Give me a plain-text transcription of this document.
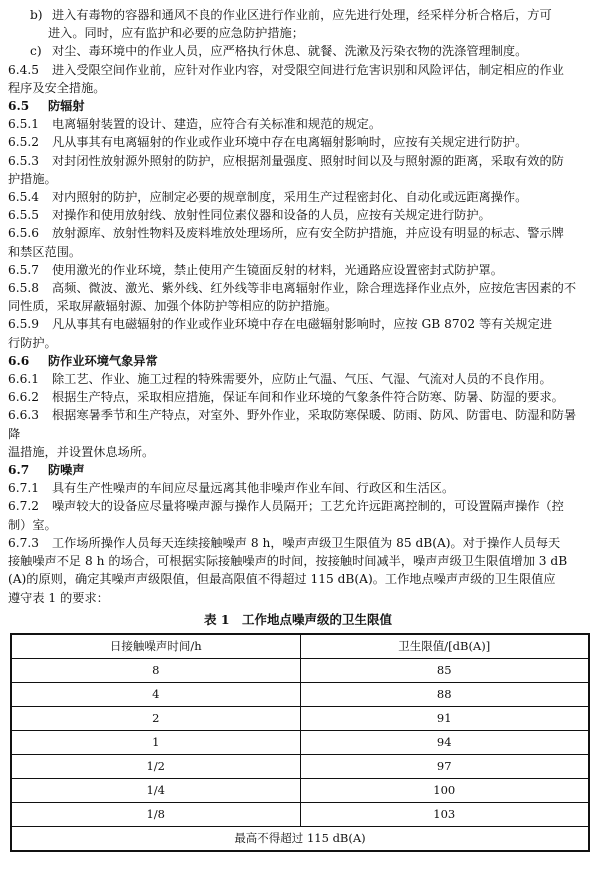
b) 进入有毒物的容器和通风不良的作业区进行作业前，应先进行处理，经采样分析合格后，方可
进入。同时，应有监护和必要的应急防护措施；
c) 对尘、毒环境中的作业人员，应严格执行休息、就餐、洗漱及污染衣物的洗涤管理制度。
6.4.5 进入受限空间作业前，应针对作业内容，对受限空间进行危害识别和风险评估，制定相应的作业
程序及安全措施。
6.5 防辐射
6.5.1 电离辐射装置的设计、建造，应符合有关标准和规范的规定。
6.5.2 凡从事其有电离辐射的作业或作业环境中存在电离辐射影响时，应按有关规定进行防护。
6.5.3 对封闭性放射源外照射的防护，应根据剂量强度、照射时间以及与照射源的距离，采取有效的防
护措施。
6.5.4 对内照射的防护，应制定必要的规章制度，采用生产过程密封化、自动化或远距离操作。
6.5.5 对操作和使用放射线、放射性同位素仪器和设备的人员，应按有关规定进行防护。
6.5.6 放射源库、放射性物料及废料堆放处理场所，应有安全防护措施，并应设有明显的标志、警示牌
和禁区范围。
6.5.7 使用激光的作业环境，禁止使用产生镜面反射的材料，光通路应设置密封式防护罩。
6.5.8 高频、微波、激光、紫外线、红外线等非电离辐射作业，除合理选择作业点外，应按危害因素的不
同性质，采取屏蔽辐射源、加强个体防护等相应的防护措施。
6.5.9 凡从事其有电磁辐射的作业或作业环境中存在电磁辐射影响时，应按 GB 8702 等有关规定进
行防护。
6.6 防作业环境气象异常
6.6.1 除工艺、作业、施工过程的特殊需要外，应防止气温、气压、气湿、气流对人员的不良作用。
6.6.2 根据生产特点，采取相应措施，保证车间和作业环境的气象条件符合防寒、防暑、防湿的要求。
6.6.3 根据寒暑季节和生产特点，对室外、野外作业，采取防寒保暖、防雨、防风、防雷电、防湿和防暑降
温措施，并设置休息场所。
6.7 防噪声
6.7.1 具有生产性噪声的车间应尽量远离其他非噪声作业车间、行政区和生活区。
6.7.2 噪声较大的设备应尽量将噪声源与操作人员隔开；工艺允许远距离控制的，可设置隔声操作（控
制）室。
6.7.3 工作场所操作人员每天连续接触噪声 8 h，噪声声级卫生限值为 85 dB(A)。对于操作人员每天
接触噪声不足 8 h 的场合，可根据实际接触噪声的时间，按接触时间减半，噪声声级卫生限值增加 3 dB
(A)的原则，确定其噪声声级限值，但最高限值不得超过 115 dB(A)。工作地点噪声声级的卫生限值应
遵守表 1 的要求：
表 1　工作地点噪声级的卫生限值
日接触噪声时间/h	卫生限值/[dB(A)]
8	85
4	88
2	91
1	94
1/2	97
1/4	100
1/8	103
最高不得超过 115 dB(A)	
